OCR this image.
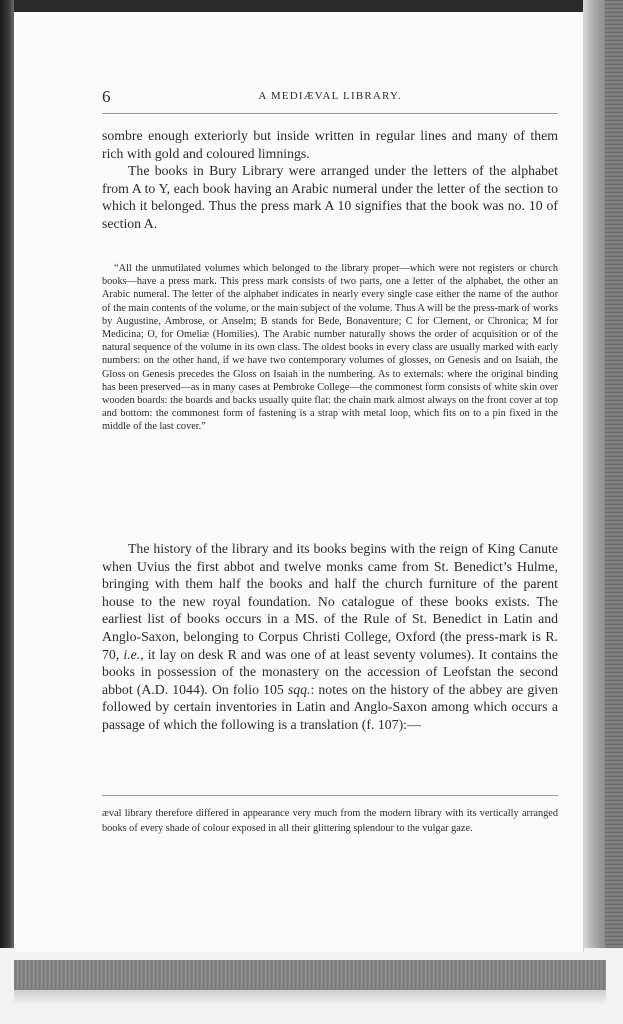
6	A MEDIÆVAL LIBRARY.

sombre enough exteriorly but inside written in regular lines and many of them rich with gold and coloured limnings.

The books in Bury Library were arranged under the letters of the alphabet from A to Y, each book having an Arabic numeral under the letter of the section to which it belonged. Thus the press mark A 10 signifies that the book was no. 10 of section A.

“All the unmutilated volumes which belonged to the library proper—which were not registers or church books—have a press mark. This press mark consists of two parts, one a letter of the alphabet, the other an Arabic numeral. The letter of the alphabet indicates in nearly every single case either the name of the author of the main contents of the volume, or the main subject of the volume. Thus A will be the press-mark of works by Augustine, Ambrose, or Anselm; B stands for Bede, Bonaventure; C for Clement, or Chronica; M for Medicina; O, for Omeliæ (Homilies). The Arabic number naturally shows the order of acquisition or of the natural sequence of the volume in its own class. The oldest books in every class are usually marked with early numbers: on the other hand, if we have two contemporary volumes of glosses, on Genesis and on Isaiah, the Gloss on Genesis precedes the Gloss on Isaiah in the numbering. As to externals: where the original binding has been preserved—as in many cases at Pembroke College—the commonest form consists of white skin over wooden boards: the boards and backs usually quite flat: the chain mark almost always on the front cover at top and bottom: the commonest form of fastening is a strap with metal loop, which fits on to a pin fixed in the middle of the last cover.”

The history of the library and its books begins with the reign of King Canute when Uvius the first abbot and twelve monks came from St. Benedict’s Hulme, bringing with them half the books and half the church furniture of the parent house to the new royal foundation. No catalogue of these books exists. The earliest list of books occurs in a MS. of the Rule of St. Benedict in Latin and Anglo-Saxon, belonging to Corpus Christi College, Oxford (the press-mark is R. 70, i.e., it lay on desk R and was one of at least seventy volumes). It contains the books in possession of the monastery on the accession of Leofstan the second abbot (A.D. 1044). On folio 105 sqq.: notes on the history of the abbey are given followed by certain inventories in Latin and Anglo-Saxon among which occurs a passage of which the following is a translation (f. 107):—

æval library therefore differed in appearance very much from the modern library with its vertically arranged books of every shade of colour exposed in all their glittering splendour to the vulgar gaze.
